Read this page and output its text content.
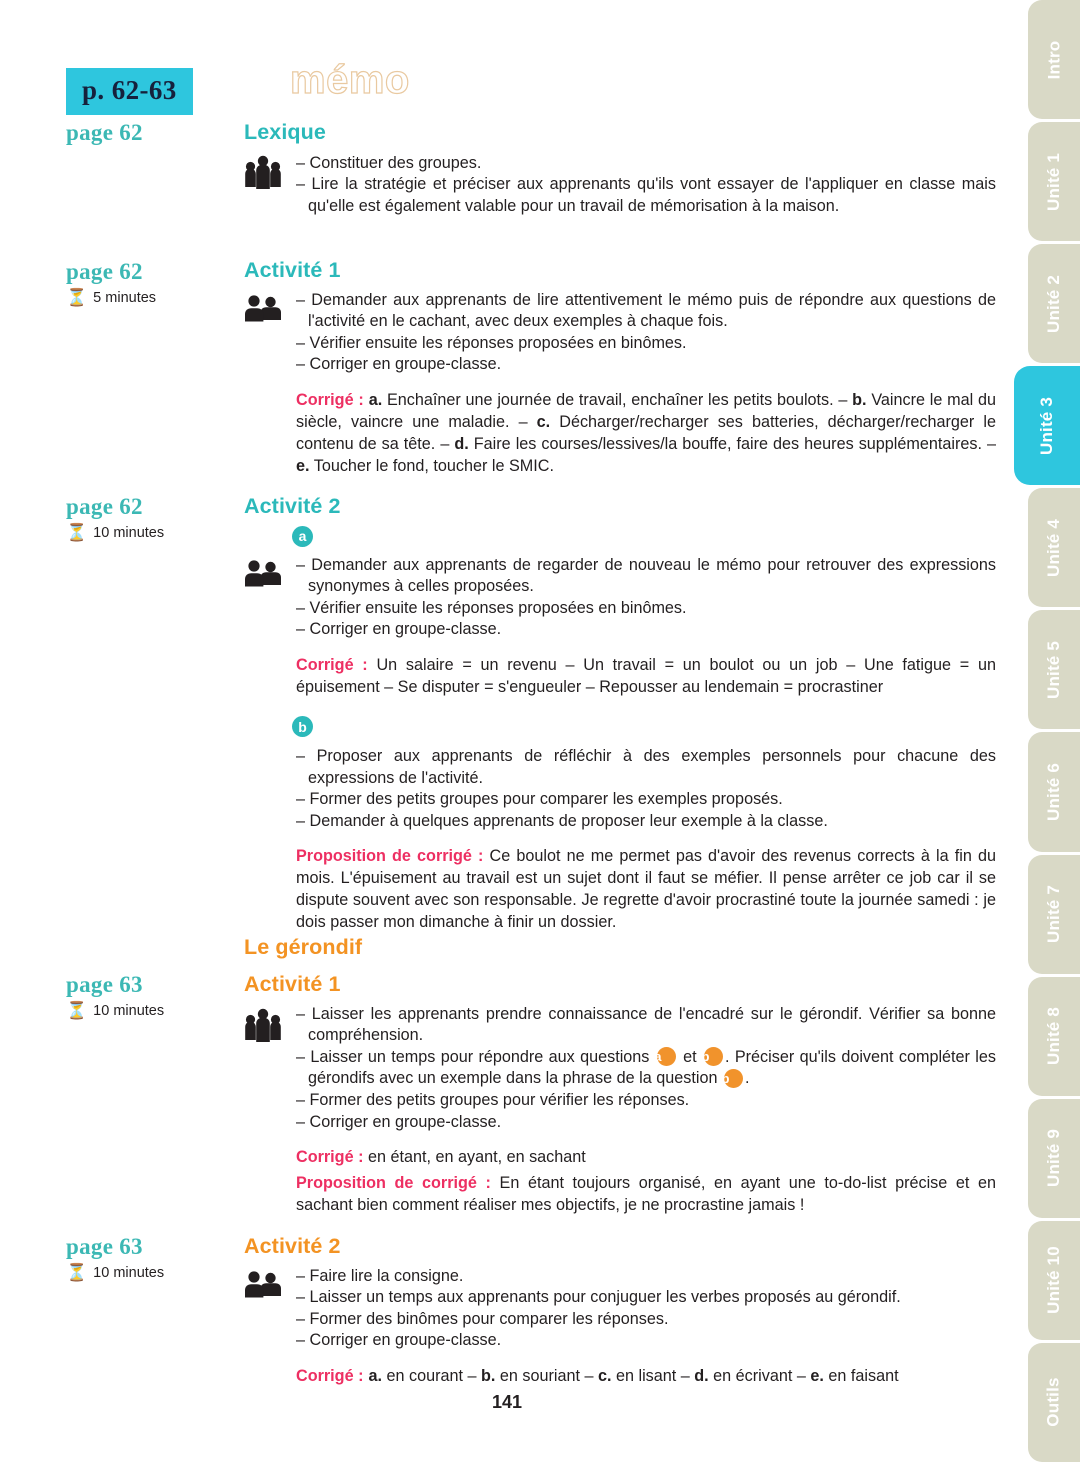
Intro
Unité 1
Unité 2
Unité 3
Unité 4
Unité 5
Unité 6
Unité 7
Unité 8
Unité 9
Unité 10
Outils
p. 62-63	mémo
page 62
page 62
⏳ 5 minutes
page 62
⏳ 10 minutes
page 63
⏳ 10 minutes
page 63
⏳ 10 minutes
Lexique
– Constituer des groupes.
– Lire la stratégie et préciser aux apprenants qu'ils vont essayer de l'appliquer en classe mais qu'elle est également valable pour un travail de mémorisation à la maison.
Activité 1
– Demander aux apprenants de lire attentivement le mémo puis de répondre aux questions de l'activité en le cachant, avec deux exemples à chaque fois.
– Vérifier ensuite les réponses proposées en binômes.
– Corriger en groupe-classe.
Corrigé : a. Enchaîner une journée de travail, enchaîner les petits boulots. – b. Vaincre le mal du siècle, vaincre une maladie. – c. Décharger/recharger ses batteries, décharger/recharger le contenu de sa tête. – d. Faire les courses/lessives/la bouffe, faire des heures supplémentaires. – e. Toucher le fond, toucher le SMIC.
Activité 2
a
– Demander aux apprenants de regarder de nouveau le mémo pour retrouver des expressions synonymes à celles proposées.
– Vérifier ensuite les réponses proposées en binômes.
– Corriger en groupe-classe.
Corrigé : Un salaire = un revenu – Un travail = un boulot ou un job – Une fatigue = un épuisement – Se disputer = s'engueuler – Repousser au lendemain = procrastiner
b
– Proposer aux apprenants de réfléchir à des exemples personnels pour chacune des expressions de l'activité.
– Former des petits groupes pour comparer les exemples proposés.
– Demander à quelques apprenants de proposer leur exemple à la classe.
Proposition de corrigé : Ce boulot ne me permet pas d'avoir des revenus corrects à la fin du mois. L'épuisement au travail est un sujet dont il faut se méfier. Il pense arrêter ce job car il se dispute souvent avec son responsable. Je regrette d'avoir procrastiné toute la journée samedi : je dois passer mon dimanche à finir un dossier.
Le gérondif
Activité 1
– Laisser les apprenants prendre connaissance de l'encadré sur le gérondif. Vérifier sa bonne compréhension.
– Laisser un temps pour répondre aux questions a et b . Préciser qu'ils doivent compléter les gérondifs avec un exemple dans la phrase de la question b .
– Former des petits groupes pour vérifier les réponses.
– Corriger en groupe-classe.
Corrigé : en étant, en ayant, en sachant
Proposition de corrigé : En étant toujours organisé, en ayant une to-do-list précise et en sachant bien comment réaliser mes objectifs, je ne procrastine jamais !
Activité 2
– Faire lire la consigne.
– Laisser un temps aux apprenants pour conjuguer les verbes proposés au gérondif.
– Former des binômes pour comparer les réponses.
– Corriger en groupe-classe.
Corrigé : a. en courant – b. en souriant – c. en lisant – d. en écrivant – e. en faisant
141
